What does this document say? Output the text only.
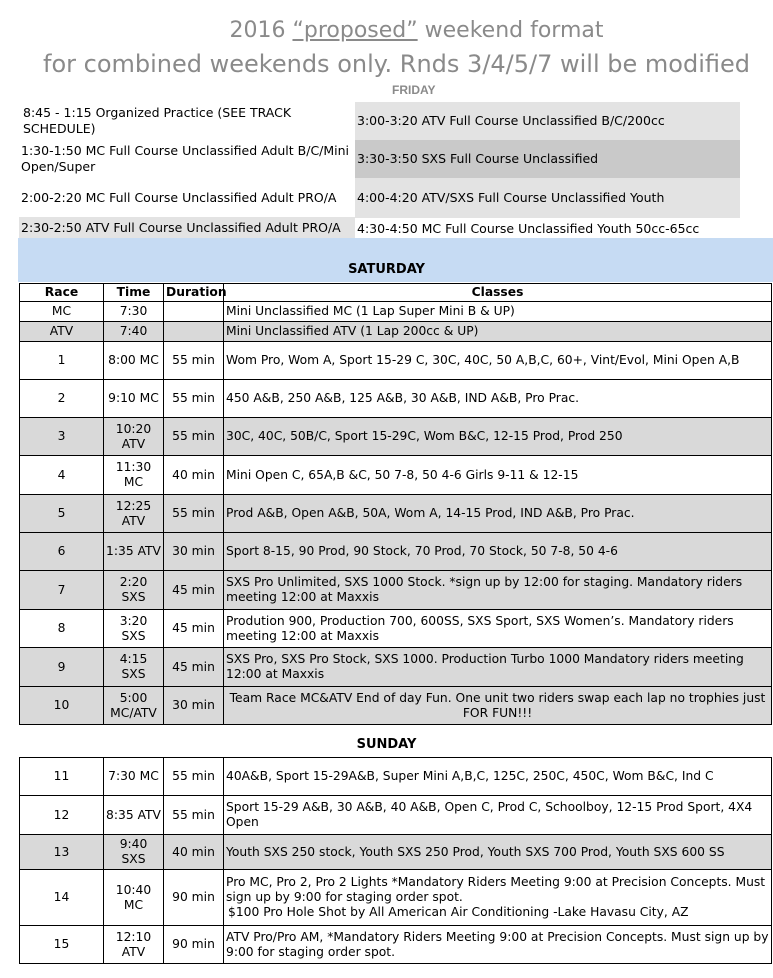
2016 “proposed” weekend format
for combined weekends only. Rnds 3/4/5/7 will be modified
FRIDAY
8:45 - 1:15 Organized Practice (SEE TRACK SCHEDULE)
1:30-1:50 MC Full Course Unclassified Adult B/C/Mini Open/Super
2:00-2:20 MC Full Course Unclassified Adult PRO/A
2:30-2:50 ATV Full Course Unclassified Adult PRO/A
3:00-3:20 ATV Full Course Unclassified B/C/200cc
3:30-3:50 SXS Full Course Unclassified
4:00-4:20 ATV/SXS Full Course Unclassified Youth
4:30-4:50 MC Full Course Unclassified Youth 50cc-65cc
SATURDAY
Race	Time	Duration	Classes
MC	7:30		Mini Unclassified MC (1 Lap Super Mini B & UP)
ATV	7:40		Mini Unclassified ATV (1 Lap 200cc & UP)
1	8:00 MC	55 min	Wom Pro, Wom A, Sport 15-29 C, 30C, 40C, 50 A,B,C, 60+, Vint/Evol, Mini Open A,B
2	9:10 MC	55 min	450 A&B, 250 A&B, 125 A&B, 30 A&B, IND A&B, Pro Prac.
3	10:20 ATV	55 min	30C, 40C, 50B/C, Sport 15-29C, Wom B&C, 12-15 Prod, Prod 250
4	11:30 MC	40 min	Mini Open C, 65A,B &C, 50 7-8, 50 4-6 Girls 9-11 & 12-15
5	12:25 ATV	55 min	Prod A&B, Open A&B, 50A, Wom A, 14-15 Prod, IND A&B, Pro Prac.
6	1:35 ATV	30 min	Sport 8-15, 90 Prod, 90 Stock, 70 Prod, 70 Stock, 50 7-8, 50 4-6
7	2:20 SXS	45 min	SXS Pro Unlimited, SXS 1000 Stock. *sign up by 12:00 for staging. Mandatory riders meeting 12:00 at Maxxis
8	3:20 SXS	45 min	Prodution 900, Production 700, 600SS, SXS Sport, SXS Women’s. Mandatory riders meeting 12:00 at Maxxis
9	4:15 SXS	45 min	SXS Pro, SXS Pro Stock, SXS 1000. Production Turbo 1000 Mandatory riders meeting 12:00 at Maxxis
10	5:00 MC/ATV	30 min	Team Race MC&ATV End of day Fun. One unit two riders swap each lap no trophies just FOR FUN!!!
SUNDAY
11	7:30 MC	55 min	40A&B, Sport 15-29A&B, Super Mini A,B,C, 125C, 250C, 450C, Wom B&C, Ind C
12	8:35 ATV	55 min	Sport 15-29 A&B, 30 A&B, 40 A&B, Open C, Prod C, Schoolboy, 12-15 Prod Sport, 4X4 Open
13	9:40 SXS	40 min	Youth SXS 250 stock, Youth SXS 250 Prod, Youth SXS 700 Prod, Youth SXS 600 SS
14	10:40 MC	90 min	Pro MC, Pro 2, Pro 2 Lights *Mandatory Riders Meeting 9:00 at Precision Concepts. Must sign up by 9:00 for staging order spot.
$100 Pro Hole Shot by All American Air Conditioning -Lake Havasu City, AZ
15	12:10 ATV	90 min	ATV Pro/Pro AM, *Mandatory Riders Meeting 9:00 at Precision Concepts. Must sign up by 9:00 for staging order spot.
